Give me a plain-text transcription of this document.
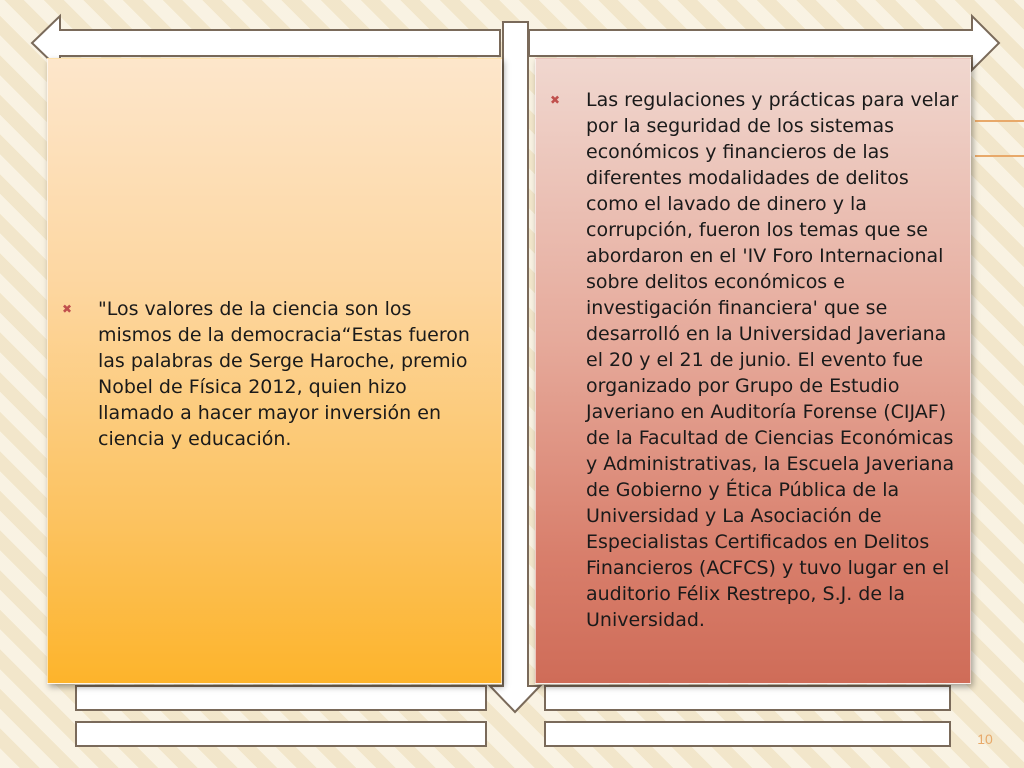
✖	"Los valores de la ciencia son los mismos de la democracia“Estas fueron las palabras de Serge Haroche, premio Nobel de Física 2012, quien hizo llamado a hacer mayor inversión en ciencia y educación.
✖	Las regulaciones y prácticas para velar por la seguridad de los sistemas económicos y financieros de las diferentes modalidades de delitos como el lavado de dinero y la corrupción, fueron los temas que se abordaron en el 'IV Foro Internacional sobre delitos económicos e investigación financiera' que se desarrolló en la Universidad Javeriana el 20 y el 21 de junio. El evento fue organizado por Grupo de Estudio Javeriano en Auditoría Forense (CIJAF) de la Facultad de Ciencias Económicas y Administrativas, la Escuela Javeriana de Gobierno y Ética Pública de la Universidad y La Asociación de Especialistas Certificados en Delitos Financieros (ACFCS) y tuvo lugar en el auditorio Félix Restrepo, S.J. de la Universidad.
10
